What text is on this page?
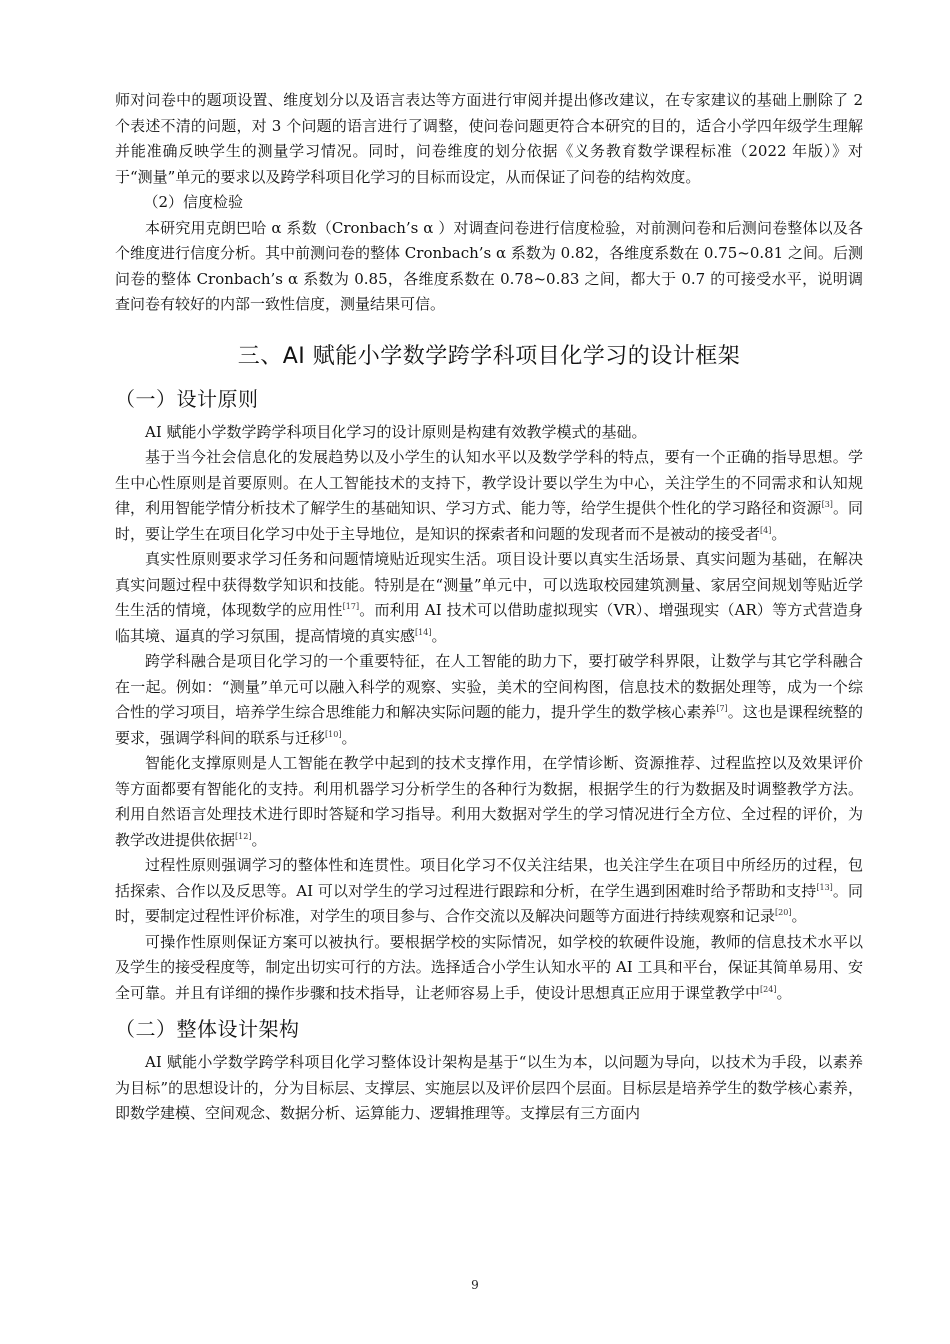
师对问卷中的题项设置、维度划分以及语言表达等方面进行审阅并提出修改建议，在专家建议的基础上删除了 2 个表述不清的问题，对 3 个问题的语言进行了调整，使问卷问题更符合本研究的目的，适合小学四年级学生理解并能准确反映学生的测量学习情况。同时，问卷维度的划分依据《义务教育数学课程标准（2022 年版）》对于“测量”单元的要求以及跨学科项目化学习的目标而设定，从而保证了问卷的结构效度。

（2）信度检验

本研究用克朗巴哈 α 系数（Cronbach’s α ）对调查问卷进行信度检验，对前测问卷和后测问卷整体以及各个维度进行信度分析。其中前测问卷的整体 Cronbach’s α 系数为 0.82，各维度系数在 0.75~0.81 之间。后测问卷的整体 Cronbach’s α 系数为 0.85，各维度系数在 0.78~0.83 之间，都大于 0.7 的可接受水平，说明调查问卷有较好的内部一致性信度，测量结果可信。

三、AI 赋能小学数学跨学科项目化学习的设计框架
（一）设计原则

AI 赋能小学数学跨学科项目化学习的设计原则是构建有效教学模式的基础。

基于当今社会信息化的发展趋势以及小学生的认知水平以及数学学科的特点，要有一个正确的指导思想。学生中心性原则是首要原则。在人工智能技术的支持下，教学设计要以学生为中心，关注学生的不同需求和认知规律，利用智能学情分析技术了解学生的基础知识、学习方式、能力等，给学生提供个性化的学习路径和资源[3]。同时，要让学生在项目化学习中处于主导地位，是知识的探索者和问题的发现者而不是被动的接受者[4]。

真实性原则要求学习任务和问题情境贴近现实生活。项目设计要以真实生活场景、真实问题为基础，在解决真实问题过程中获得数学知识和技能。特别是在“测量”单元中，可以选取校园建筑测量、家居空间规划等贴近学生生活的情境，体现数学的应用性[17]。而利用 AI 技术可以借助虚拟现实（VR）、增强现实（AR）等方式营造身临其境、逼真的学习氛围，提高情境的真实感[14]。

跨学科融合是项目化学习的一个重要特征，在人工智能的助力下，要打破学科界限，让数学与其它学科融合在一起。例如：“测量”单元可以融入科学的观察、实验，美术的空间构图，信息技术的数据处理等，成为一个综合性的学习项目，培养学生综合思维能力和解决实际问题的能力，提升学生的数学核心素养[7]。这也是课程统整的要求，强调学科间的联系与迁移[10]。

智能化支撑原则是人工智能在教学中起到的技术支撑作用，在学情诊断、资源推荐、过程监控以及效果评价等方面都要有智能化的支持。利用机器学习分析学生的各种行为数据，根据学生的行为数据及时调整教学方法。利用自然语言处理技术进行即时答疑和学习指导。利用大数据对学生的学习情况进行全方位、全过程的评价，为教学改进提供依据[12]。

过程性原则强调学习的整体性和连贯性。项目化学习不仅关注结果，也关注学生在项目中所经历的过程，包括探索、合作以及反思等。AI 可以对学生的学习过程进行跟踪和分析，在学生遇到困难时给予帮助和支持[13]。同时，要制定过程性评价标准，对学生的项目参与、合作交流以及解决问题等方面进行持续观察和记录[20]。

可操作性原则保证方案可以被执行。要根据学校的实际情况，如学校的软硬件设施，教师的信息技术水平以及学生的接受程度等，制定出切实可行的方法。选择适合小学生认知水平的 AI 工具和平台，保证其简单易用、安全可靠。并且有详细的操作步骤和技术指导，让老师容易上手，使设计思想真正应用于课堂教学中[24]。

（二）整体设计架构

AI 赋能小学数学跨学科项目化学习整体设计架构是基于“以生为本，以问题为导向，以技术为手段，以素养为目标”的思想设计的，分为目标层、支撑层、实施层以及评价层四个层面。目标层是培养学生的数学核心素养，即数学建模、空间观念、数据分析、运算能力、逻辑推理等。支撑层有三方面内

9
